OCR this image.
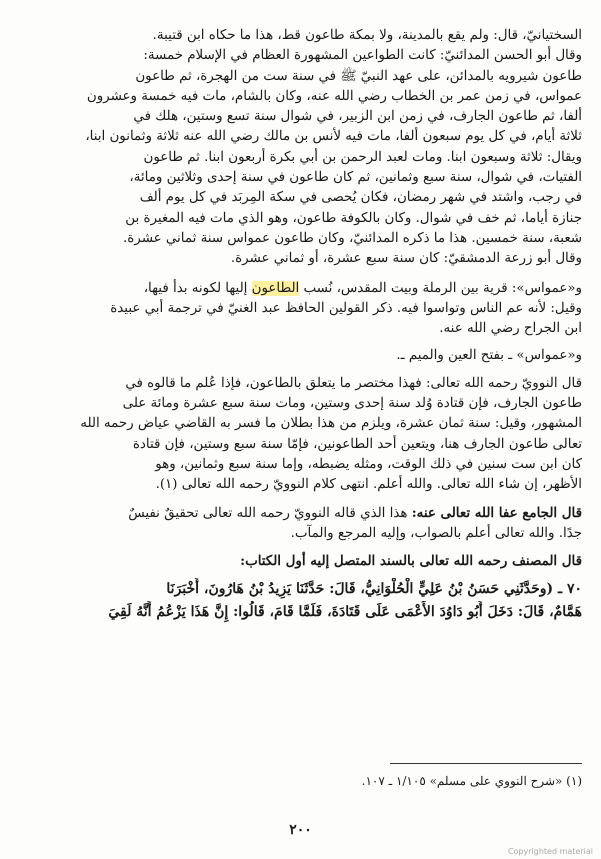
السختيانيّ، قال: ولم يقع بالمدينة، ولا بمكة طاعون قط، هذا ما حكاه ابن قتيبة.
وقال أبو الحسن المدائنيّ: كانت الطواعين المشهورة العظام في الإسلام خمسة:
طاعون شيرويه بالمدائن، على عهد النبيّ ﷺ في سنة ست من الهجرة، ثم طاعون
عمواس، في زمن عمر بن الخطاب رضي الله عنه، وكان بالشام، مات فيه خمسة وعشرون
ألفا، ثم طاعون الجارف، في زمن ابن الزبير، في شوال سنة تسع وستين، هلك في
ثلاثة أيام، في كل يوم سبعون ألفا، مات فيه لأنس بن مالك رضي الله عنه ثلاثة وثمانون ابنا،
ويقال: ثلاثة وسبعون ابنا. ومات لعبد الرحمن بن أبي بكرة أربعون ابنا. ثم طاعون
الفتيات، في شوال، سنة سبع وثمانين، ثم كان طاعون في سنة إحدى وثلاثين ومائة،
في رجب، واشتد في شهر رمضان، فكان يُحصى في سكة المِربَد في كل يوم ألف
جنازة أياما، ثم خف في شوال. وكان بالكوفة طاعون، وهو الذي مات فيه المغيرة بن
شعبة، سنة خمسين. هذا ما ذكره المدائنيّ، وكان طاعون عمواس سنة ثماني عشرة.
وقال أبو زرعة الدمشقيّ: كان سنة سبع عشرة، أو ثماني عشرة.
و«عمواس»: قرية بين الرملة وبيت المقدس، نُسب الطاعون إليها لكونه بدأ فيها،
وقيل: لأنه عم الناس وتواسوا فيه. ذكر القولين الحافظ عبد الغنيّ في ترجمة أبي عبيدة
ابن الجراح رضي الله عنه.
و«عمواس» ـ بفتح العين والميم ـ.
قال النوويّ رحمه الله تعالى: فهذا مختصر ما يتعلق بالطاعون، فإذا عُلم ما قالوه في
طاعون الجارف، فإن قتادة وُلد سنة إحدى وستين، ومات سنة سبع عشرة ومائة على
المشهور، وقيل: سنة ثمان عشرة، ويلزم من هذا بطلان ما فسر به القاضي عياض رحمه الله
تعالى طاعون الجارف هنا، ويتعين أحد الطاعونين، فإمّا سنة سبع وستين، فإن قتادة
كان ابن ست سنين في ذلك الوقت، ومثله يضبطه، وإما سنة سبع وثمانين، وهو
الأظهر، إن شاء الله تعالى. والله أعلم. انتهى كلام النوويّ رحمه الله تعالى (١).
قال الجامع عفا الله تعالى عنه: هذا الذي قاله النوويّ رحمه الله تعالى تحقيقٌ نفيسٌ
جدًا. والله تعالى أعلم بالصواب، وإليه المرجع والمآب.
قال المصنف رحمه الله تعالى بالسند المتصل إليه أول الكتاب:
٧٠ ـ (وحَدَّثَنِي حَسَنُ بْنُ عَلِيٍّ الْحُلْوَانِيُّ، قَالَ: حَدَّثَنَا يَزِيدُ بْنُ هَارُونَ، أَخْبَرَنَا
هَمَّامٌ، قَالَ: دَخَلَ أَبُو دَاوُدَ الأَعْمَى عَلَى قَتَادَةَ، فَلَمَّا قَامَ، قَالُوا: إِنَّ هَذَا يَزْعُمُ أَنَّهُ لَقِيَ
(١) «شرح النووي على مسلم» ١/١٠٥ ـ ١٠٧.
٢٠٠
Copyrighted material
